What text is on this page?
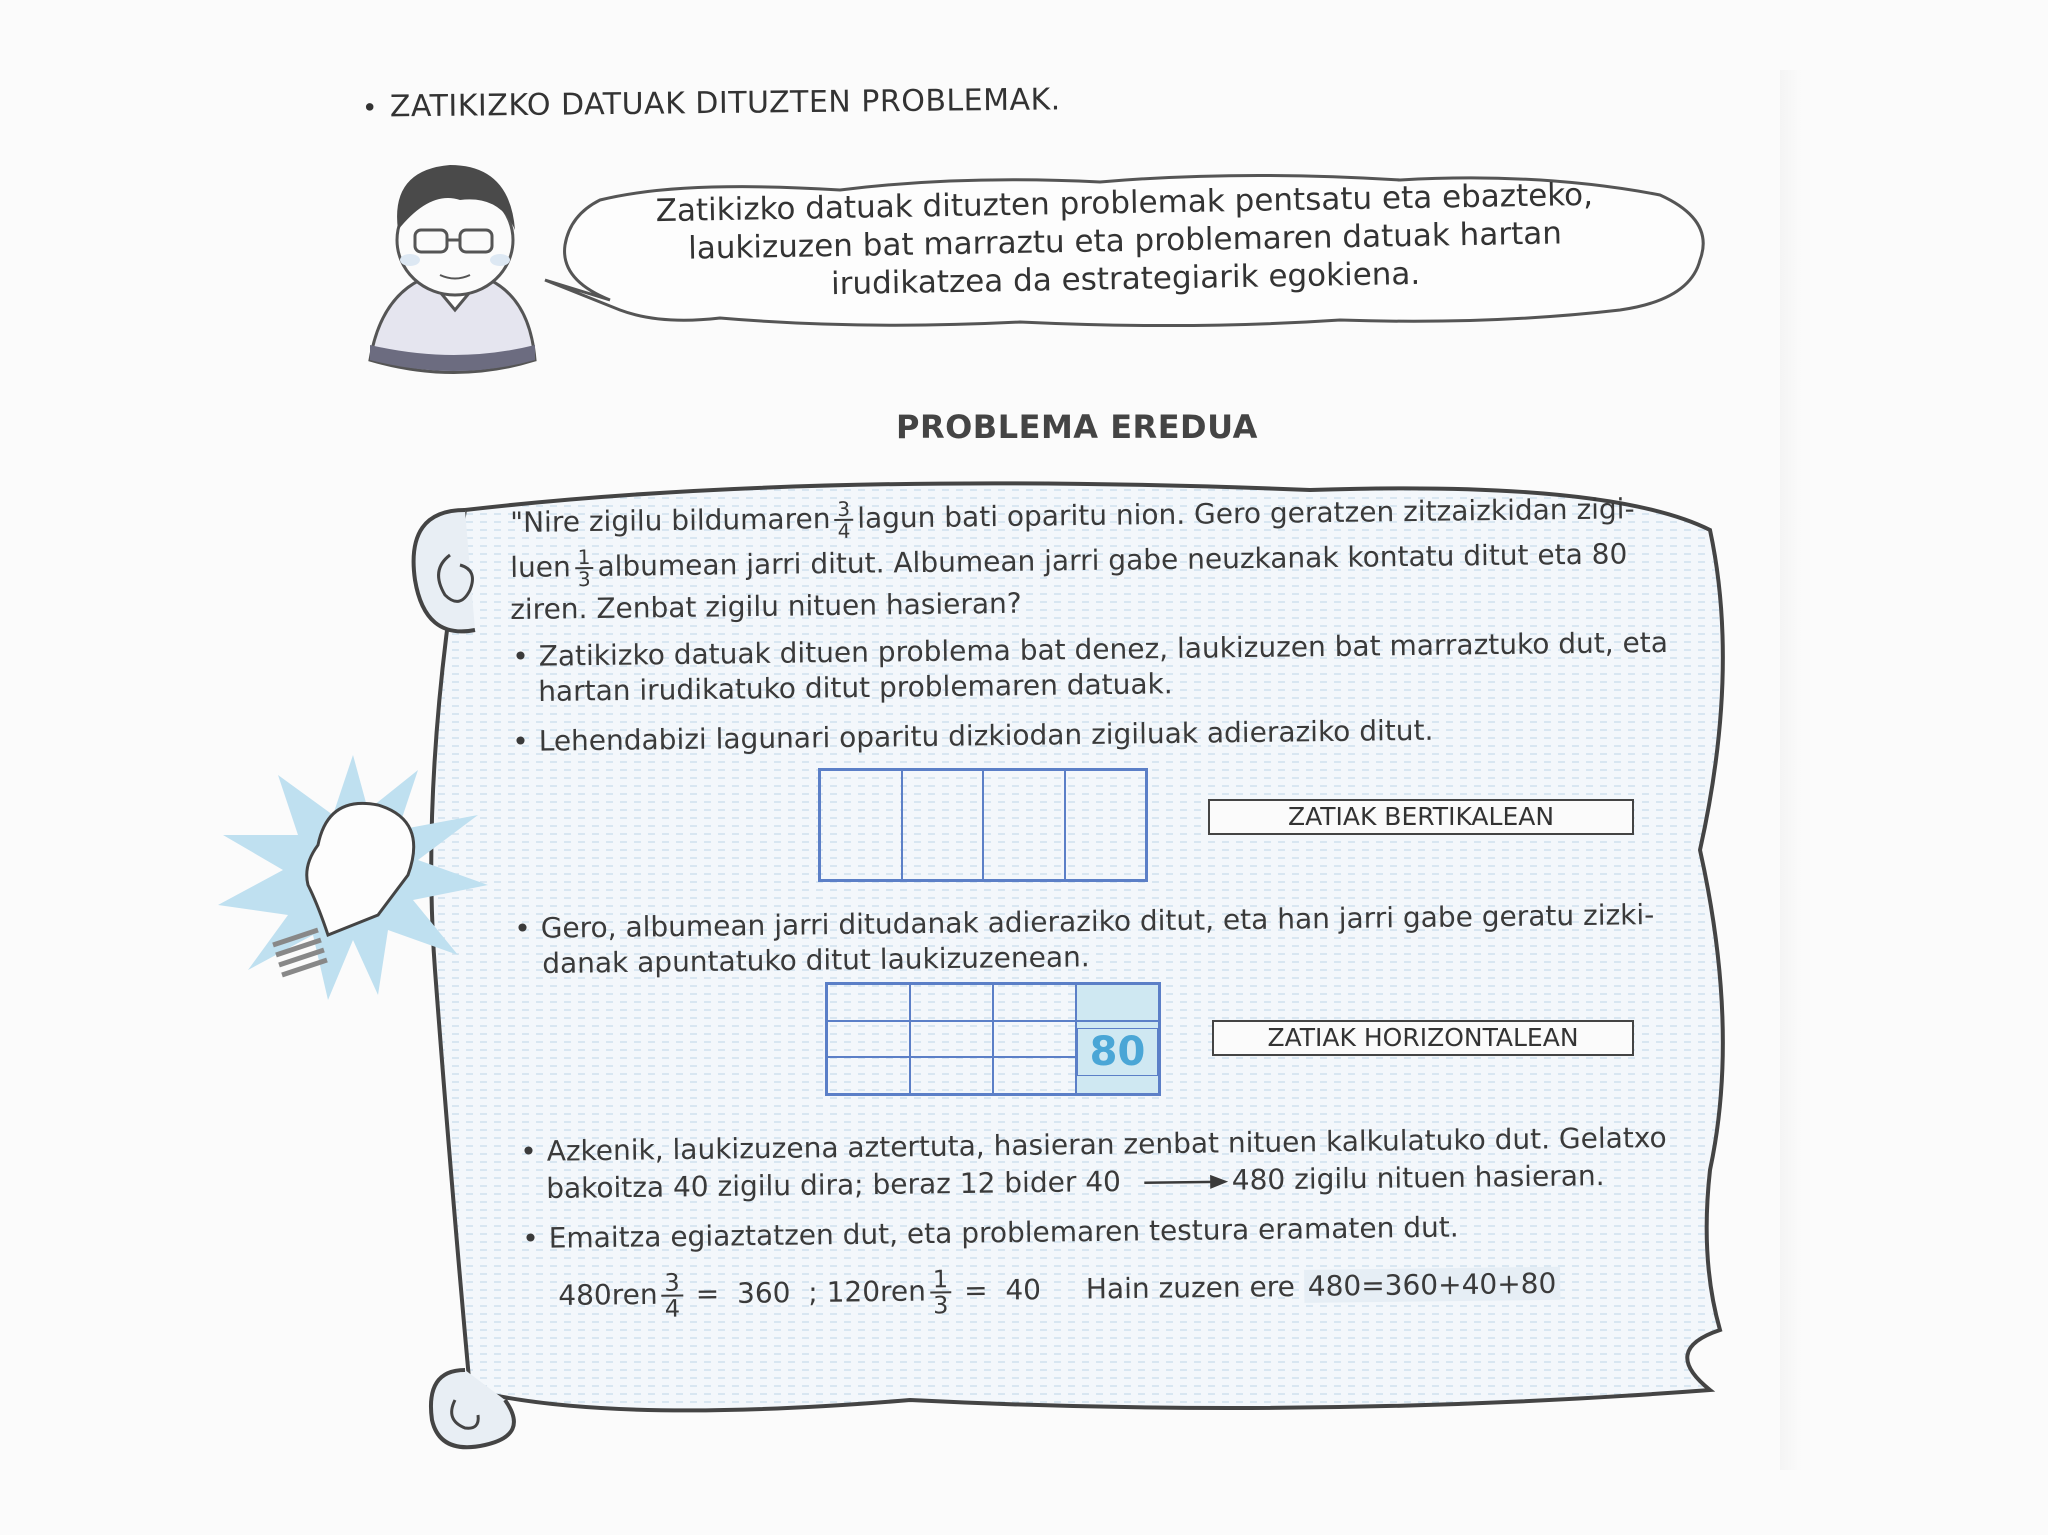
• ZATIKIZKO DATUAK DITUZTEN PROBLEMAK.
Zatikizko datuak dituzten problemak pentsatu eta ebazteko,
laukizuzen bat marraztu eta problemaren datuak hartan
irudikatzea da estrategiarik egokiena.
PROBLEMA EREDUA
"Nire zigilu bildumaren $\frac{3}{4}$ lagun bati oparitu nion. Gero geratzen zitzaizkidan zigi-
luen $\frac{1}{3}$ albumean jarri ditut. Albumean jarri gabe neuzkanak kontatu ditut eta 80
ziren. Zenbat zigilu nituen hasieran?
• Zatikizko datuak dituen problema bat denez, laukizuzen bat marraztuko dut, eta
hartan irudikatuko ditut problemaren datuak.
• Lehendabizi lagunari oparitu dizkiodan zigiluak adieraziko ditut.
ZATIAK BERTIKALEAN
• Gero, albumean jarri ditudanak adieraziko ditut, eta han jarri gabe geratu zizki-
danak apuntatuko ditut laukizuzenean.
80	ZATIAK HORIZONTALEAN
• Azkenik, laukizuzena aztertuta, hasieran zenbat nituen kalkulatuko dut. Gelatxo
bakoitza 40 zigilu dira; beraz 12 bider 40	480 zigilu nituen hasieran.
• Emaitza egiaztatzen dut, eta problemaren testura eramaten dut.
$480ren \frac{3}{4} = 360$  ; $120ren \frac{1}{3} = 40$ Hain zuzen ere 480=360+40+80
